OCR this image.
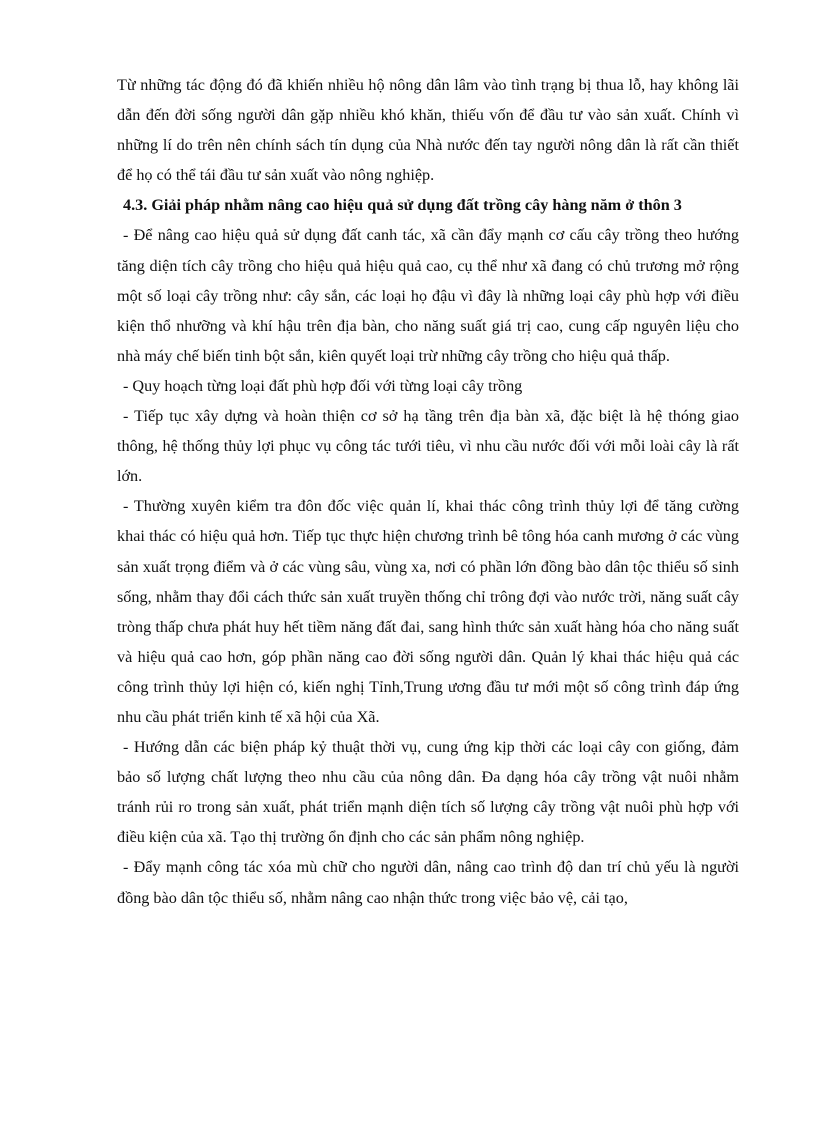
Từ những tác động đó đã khiến nhiều hộ nông dân lâm vào tình trạng bị thua lỗ, hay không lãi dẫn đến đời sống người dân gặp nhiều khó khăn, thiếu vốn để đầu tư vào sản xuất. Chính vì những lí do trên nên chính sách tín dụng của Nhà nước đến tay người nông dân là rất cần thiết để họ có thể tái đầu tư sản xuất vào nông nghiệp.

4.3. Giải pháp nhằm nâng cao hiệu quả sử dụng đất trồng cây hàng năm ở thôn 3

- Để nâng cao hiệu quả sử dụng đất canh tác, xã cần đẩy mạnh cơ cấu cây trồng theo hướng tăng diện tích cây trồng cho hiệu quả hiệu quả cao, cụ thể như xã đang có chủ trương mở rộng một số loại cây trồng như: cây sắn, các loại họ đậu vì đây là những loại cây phù hợp với điều kiện thổ nhưỡng và khí hậu trên địa bàn, cho năng suất giá trị cao, cung cấp nguyên liệu cho nhà máy chế biến tinh bột sắn, kiên quyết loại trừ những cây trồng cho hiệu quả thấp.

- Quy hoạch từng loại đất phù hợp đối với từng loại cây trồng

- Tiếp tục xây dựng và hoàn thiện cơ sở hạ tầng trên địa bàn xã, đặc biệt là hệ thóng giao thông, hệ thống thủy lợi phục vụ công tác tưới tiêu, vì nhu cầu nước đối với mỗi loài cây là rất lớn.

- Thường xuyên kiểm tra đôn đốc việc quản lí, khai thác công trình thủy lợi để tăng cường khai thác có hiệu quả hơn. Tiếp tục thực hiện chương trình bê tông hóa canh mương ở các vùng sản xuất trọng điểm và ở các vùng sâu, vùng xa, nơi có phần lớn đồng bào dân tộc thiểu số sinh sống, nhằm thay đổi cách thức sản xuất truyền thống chỉ trông đợi vào nước trời, năng suất cây tròng thấp chưa phát huy hết tiềm năng đất đai, sang hình thức sản xuất hàng hóa cho năng suất và hiệu quả cao hơn, góp phần năng cao đời sống người dân. Quản lý khai thác hiệu quả các công trình thủy lợi hiện có, kiến nghị Tỉnh,Trung ương đầu tư mới một số công trình đáp ứng nhu cầu phát triển kinh tế xã hội của Xã.

- Hướng dẫn các biện pháp kỷ thuật thời vụ, cung ứng kịp thời các loại cây con giống, đảm bảo số lượng chất lượng theo nhu cầu của nông dân. Đa dạng hóa cây trồng vật nuôi nhằm tránh rủi ro trong sản xuất, phát triển mạnh diện tích số lượng cây trồng vật nuôi phù hợp với điều kiện của xã. Tạo thị trường ổn định cho các sản phẩm nông nghiệp.

- Đẩy mạnh công tác xóa mù chữ cho người dân, nâng cao trình độ dan trí chủ yếu là người đồng bào dân tộc thiểu số, nhằm nâng cao nhận thức trong việc bảo vệ, cải tạo,
